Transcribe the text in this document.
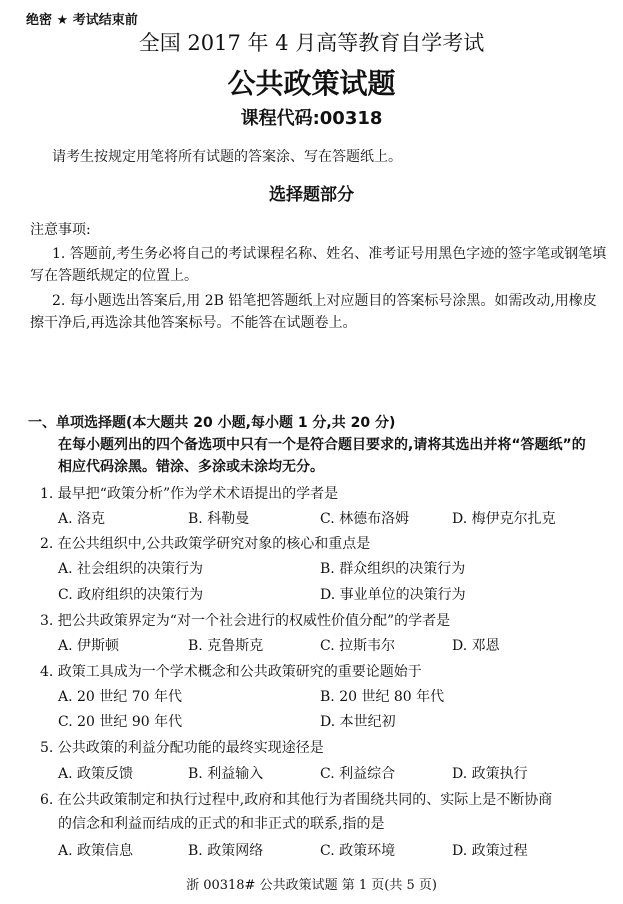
绝密 ★ 考试结束前
全国 2017 年 4 月高等教育自学考试
公共政策试题
课程代码:00318
请考生按规定用笔将所有试题的答案涂、写在答题纸上。
选择题部分
注意事项:
1. 答题前,考生务必将自己的考试课程名称、姓名、准考证号用黑色字迹的签字笔或钢笔填写在答题纸规定的位置上。
2. 每小题选出答案后,用 2B 铅笔把答题纸上对应题目的答案标号涂黑。如需改动,用橡皮擦干净后,再选涂其他答案标号。不能答在试题卷上。
一、单项选择题(本大题共 20 小题,每小题 1 分,共 20 分)
在每小题列出的四个备选项中只有一个是符合题目要求的,请将其选出并将“答题纸”的相应代码涂黑。错涂、多涂或未涂均无分。
1. 最早把“政策分析”作为学术术语提出的学者是
A. 洛克	B. 科勒曼	C. 林德布洛姆	D. 梅伊克尔扎克
2. 在公共组织中,公共政策学研究对象的核心和重点是
A. 社会组织的决策行为	B. 群众组织的决策行为
C. 政府组织的决策行为	D. 事业单位的决策行为
3. 把公共政策界定为“对一个社会进行的权威性价值分配”的学者是
A. 伊斯顿	B. 克鲁斯克	C. 拉斯韦尔	D. 邓恩
4. 政策工具成为一个学术概念和公共政策研究的重要论题始于
A. 20 世纪 70 年代	B. 20 世纪 80 年代
C. 20 世纪 90 年代	D. 本世纪初
5. 公共政策的利益分配功能的最终实现途径是
A. 政策反馈	B. 利益输入	C. 利益综合	D. 政策执行
6. 在公共政策制定和执行过程中,政府和其他行为者围绕共同的、实际上是不断协商
的信念和利益而结成的正式的和非正式的联系,指的是
A. 政策信息	B. 政策网络	C. 政策环境	D. 政策过程
浙 00318# 公共政策试题 第 1 页(共 5 页)
